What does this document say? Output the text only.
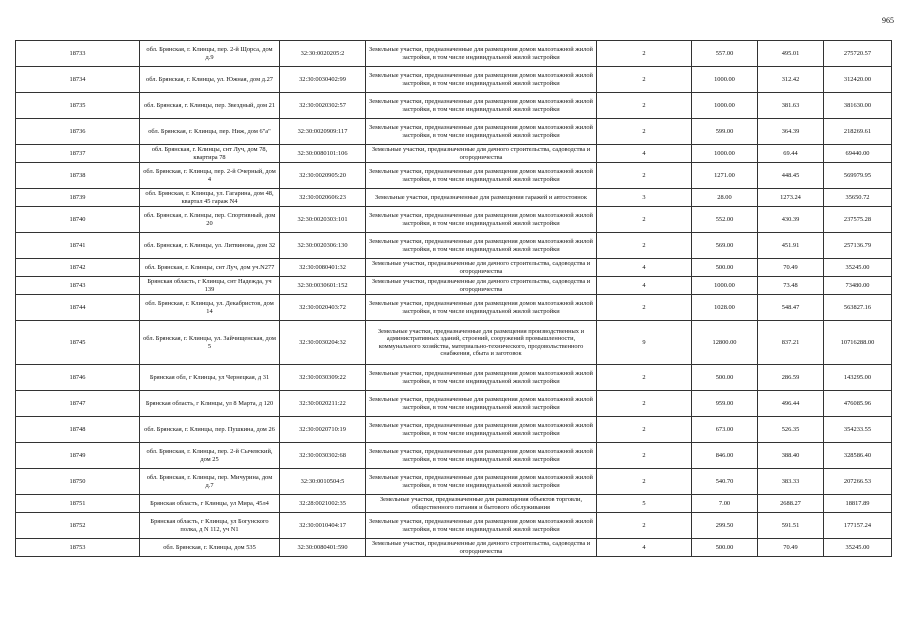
965
18733	обл. Брянская, г. Клинцы, пер. 2-й Щорса, дом д.9	32:30:0020205:2	Земельные участки, предназначенные для размещения домов малоэтажной жилой застройки, в том числе индивидуальной жилой застройки	2	557.00	495.01	275720.57
18734	обл. Брянская, г. Клинцы, ул. Южная, дом д.27	32:30:0030402:99	Земельные участки, предназначенные для размещения домов малоэтажной жилой застройки, в том числе индивидуальной жилой застройки	2	1000.00	312.42	312420.00
18735	обл. Брянская, г. Клинцы, пер. Звездный, дом 21	32:30:0020302:57	Земельные участки, предназначенные для размещения домов малоэтажной жилой застройки, в том числе индивидуальной жилой застройки	2	1000.00	381.63	381630.00
18736	обл. Брянская, г. Клинцы, пер. Ниж, дом 6"а"	32:30:0020909:117	Земельные участки, предназначенные для размещения домов малоэтажной жилой застройки, в том числе индивидуальной жилой застройки	2	599.00	364.39	218269.61
18737	обл. Брянская, г. Клинцы, снт Луч, дом 78, квартира 78	32:30:0080101:106	Земельные участки, предназначенные для дачного строительства, садоводства и огородничества	4	1000.00	69.44	69440.00
18738	обл. Брянская, г. Клинцы, пер. 2-й Очерный, дом 4	32:30:0020905:20	Земельные участки, предназначенные для размещения домов малоэтажной жилой застройки, в том числе индивидуальной жилой застройки	2	1271.00	448.45	569979.95
18739	обл. Брянская, г. Клинцы, ул. Гагарина, дом 48, квартал 45 гараж N4	32:30:0020606:23	Земельные участки, предназначенные для размещения гаражей и автостоянок	3	28.00	1273.24	35650.72
18740	обл. Брянская, г. Клинцы, пер. Спортивный, дом 20	32:30:0020303:101	Земельные участки, предназначенные для размещения домов малоэтажной жилой застройки, в том числе индивидуальной жилой застройки	2	552.00	430.39	237575.28
18741	обл. Брянская, г. Клинцы, ул. Литвинова, дом 32	32:30:0020306:130	Земельные участки, предназначенные для размещения домов малоэтажной жилой застройки, в том числе индивидуальной жилой застройки	2	569.00	451.91	257136.79
18742	обл. Брянская, г. Клинцы, снт Луч, дом уч.N277	32:30:0080401:32	Земельные участки, предназначенные для дачного строительства, садоводства и огородничества	4	500.00	70.49	35245.00
18743	Брянская область, г Клинцы, снт Надежда, уч 139	32:30:0030601:152	Земельные участки, предназначенные для дачного строительства, садоводства и огородничества	4	1000.00	73.48	73480.00
18744	обл. Брянская, г. Клинцы, ул. Декабристов, дом 14	32:30:0020403:72	Земельные участки, предназначенные для размещения домов малоэтажной жилой застройки, в том числе индивидуальной жилой застройки	2	1028.00	548.47	563827.16
18745	обл. Брянская, г. Клинцы, ул. Зайчищенская, дом 5	32:30:0030204:32	Земельные участки, предназначенные для размещения производственных и административных зданий, строений, сооружений промышленности, коммунального хозяйства, материально-технического, продовольственного снабжения, сбыта и заготовок	9	12800.00	837.21	10716288.00
18746	Брянская обл, г Клинцы, ул Чернецкая, д 31	32:30:0030309:22	Земельные участки, предназначенные для размещения домов малоэтажной жилой застройки, в том числе индивидуальной жилой застройки	2	500.00	286.59	143295.00
18747	Брянская область, г Клинцы, ул 8 Марта, д 120	32:30:0020211:22	Земельные участки, предназначенные для размещения домов малоэтажной жилой застройки, в том числе индивидуальной жилой застройки	2	959.00	496.44	476085.96
18748	обл. Брянская, г. Клинцы, пер. Пушкина, дом 26	32:30:0020710:19	Земельные участки, предназначенные для размещения домов малоэтажной жилой застройки, в том числе индивидуальной жилой застройки	2	673.00	526.35	354233.55
18749	обл. Брянская, г. Клинцы, пер. 2-й Сычевский, дом 25	32:30:0030302:68	Земельные участки, предназначенные для размещения домов малоэтажной жилой застройки, в том числе индивидуальной жилой застройки	2	846.00	388.40	328586.40
18750	обл. Брянская, г. Клинцы, пер. Мичурина, дом д.7	32:30:0010504:5	Земельные участки, предназначенные для размещения домов малоэтажной жилой застройки, в том числе индивидуальной жилой застройки	2	540.70	383.33	207266.53
18751	Брянская область, г Клинцы, ул Мира, 45л4	32:28:0021002:35	Земельные участки, предназначенные для размещения объектов торговли, общественного питания и бытового обслуживания	5	7.00	2688.27	18817.89
18752	Брянская область, г Клинцы, ул Богунского полка, д N 112, уч N1	32:30:0010404:17	Земельные участки, предназначенные для размещения домов малоэтажной жилой застройки, в том числе индивидуальной жилой застройки	2	299.50	591.51	177157.24
18753	обл. Брянская, г. Клинцы, дом 535	32:30:0080401:590	Земельные участки, предназначенные для дачного строительства, садоводства и огородничества	4	500.00	70.49	35245.00
